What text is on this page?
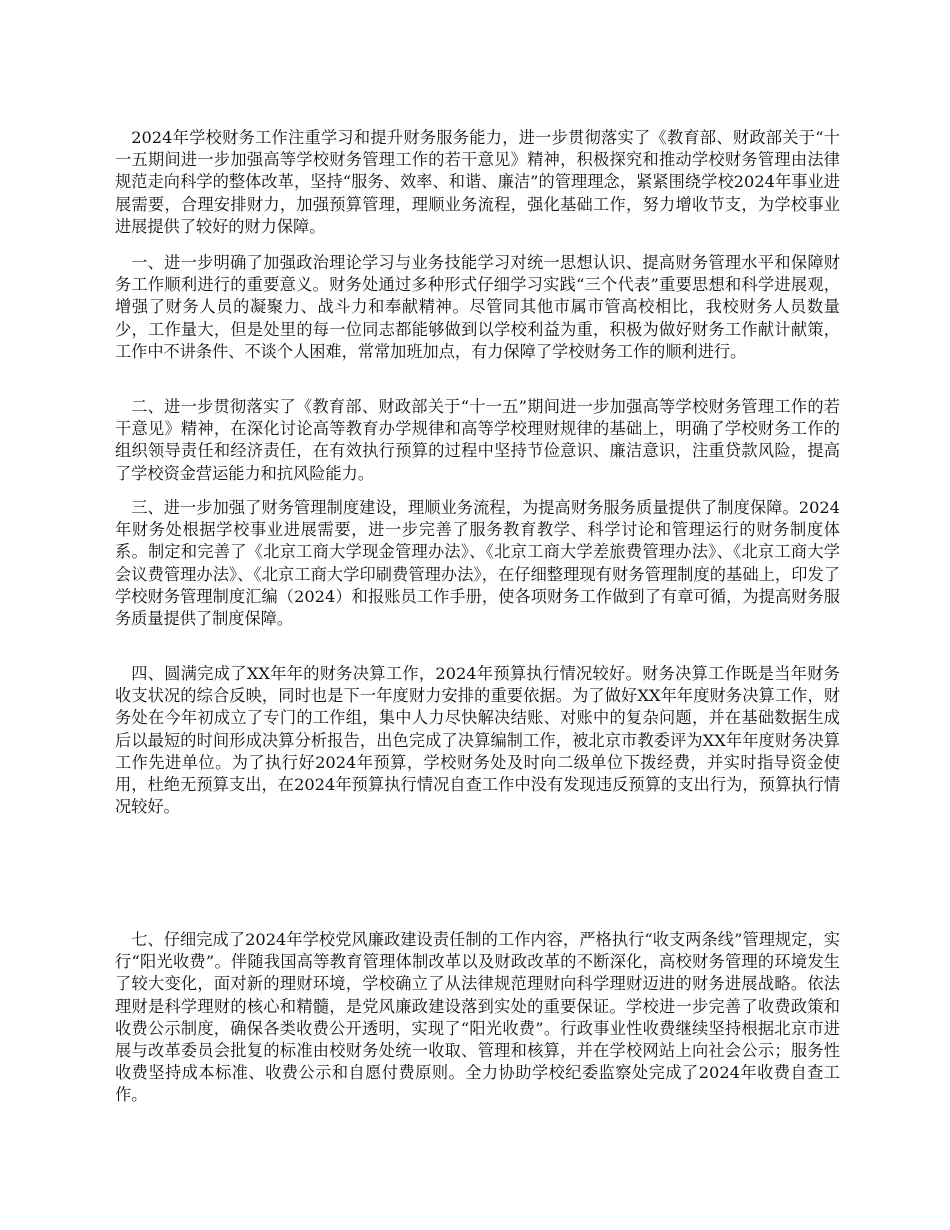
2024年学校财务工作注重学习和提升财务服务能力，进一步贯彻落实了《教育部、财政部关于“十一五期间进一步加强高等学校财务管理工作的若干意见》精神，积极探究和推动学校财务管理由法律规范走向科学的整体改革，坚持“服务、效率、和谐、廉洁”的管理理念，紧紧围绕学校2024年事业进展需要，合理安排财力，加强预算管理，理顺业务流程，强化基础工作，努力增收节支，为学校事业进展提供了较好的财力保障。

一、进一步明确了加强政治理论学习与业务技能学习对统一思想认识、提高财务管理水平和保障财务工作顺利进行的重要意义。财务处通过多种形式仔细学习实践“三个代表”重要思想和科学进展观，增强了财务人员的凝聚力、战斗力和奉献精神。尽管同其他市属市管高校相比，我校财务人员数量少，工作量大，但是处里的每一位同志都能够做到以学校利益为重，积极为做好财务工作献计献策，工作中不讲条件、不谈个人困难，常常加班加点，有力保障了学校财务工作的顺利进行。

二、进一步贯彻落实了《教育部、财政部关于“十一五”期间进一步加强高等学校财务管理工作的若干意见》精神，在深化讨论高等教育办学规律和高等学校理财规律的基础上，明确了学校财务工作的组织领导责任和经济责任，在有效执行预算的过程中坚持节俭意识、廉洁意识，注重贷款风险，提高了学校资金营运能力和抗风险能力。

三、进一步加强了财务管理制度建设，理顺业务流程，为提高财务服务质量提供了制度保障。2024年财务处根据学校事业进展需要，进一步完善了服务教育教学、科学讨论和管理运行的财务制度体系。制定和完善了《北京工商大学现金管理办法》、《北京工商大学差旅费管理办法》、《北京工商大学会议费管理办法》、《北京工商大学印刷费管理办法》，在仔细整理现有财务管理制度的基础上，印发了学校财务管理制度汇编（2024）和报账员工作手册，使各项财务工作做到了有章可循，为提高财务服务质量提供了制度保障。

四、圆满完成了XX年年的财务决算工作，2024年预算执行情况较好。财务决算工作既是当年财务收支状况的综合反映，同时也是下一年度财力安排的重要依据。为了做好XX年年度财务决算工作，财务处在今年初成立了专门的工作组，集中人力尽快解决结账、对账中的复杂问题，并在基础数据生成后以最短的时间形成决算分析报告，出色完成了决算编制工作，被北京市教委评为XX年年度财务决算工作先进单位。为了执行好2024年预算，学校财务处及时向二级单位下拨经费，并实时指导资金使用，杜绝无预算支出，在2024年预算执行情况自查工作中没有发现违反预算的支出行为，预算执行情况较好。

七、仔细完成了2024年学校党风廉政建设责任制的工作内容，严格执行“收支两条线”管理规定，实行“阳光收费”。伴随我国高等教育管理体制改革以及财政改革的不断深化，高校财务管理的环境发生了较大变化，面对新的理财环境，学校确立了从法律规范理财向科学理财迈进的财务进展战略。依法理财是科学理财的核心和精髓，是党风廉政建设落到实处的重要保证。学校进一步完善了收费政策和收费公示制度，确保各类收费公开透明，实现了“阳光收费”。行政事业性收费继续坚持根据北京市进展与改革委员会批复的标准由校财务处统一收取、管理和核算，并在学校网站上向社会公示；服务性收费坚持成本标准、收费公示和自愿付费原则。全力协助学校纪委监察处完成了2024年收费自查工作。
